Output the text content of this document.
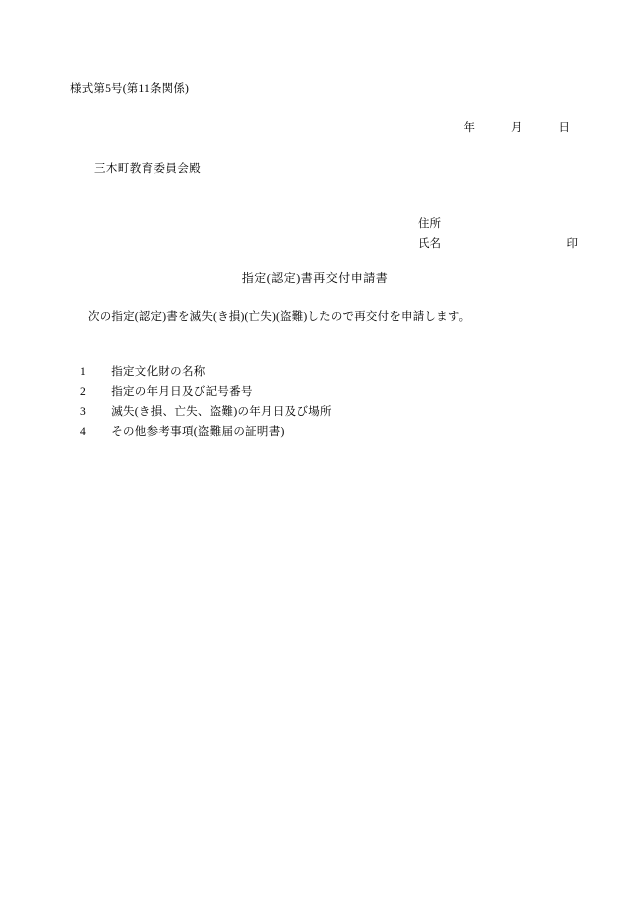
様式第5号(第11条関係)
年	月	日
三木町教育委員会殿
住所
氏名	印
指定(認定)書再交付申請書
次の指定(認定)書を滅失(き損)(亡失)(盗難)したので再交付を申請します。
1 指定文化財の名称
2 指定の年月日及び記号番号
3 滅失(き損、亡失、盗難)の年月日及び場所
4 その他参考事項(盗難届の証明書)
